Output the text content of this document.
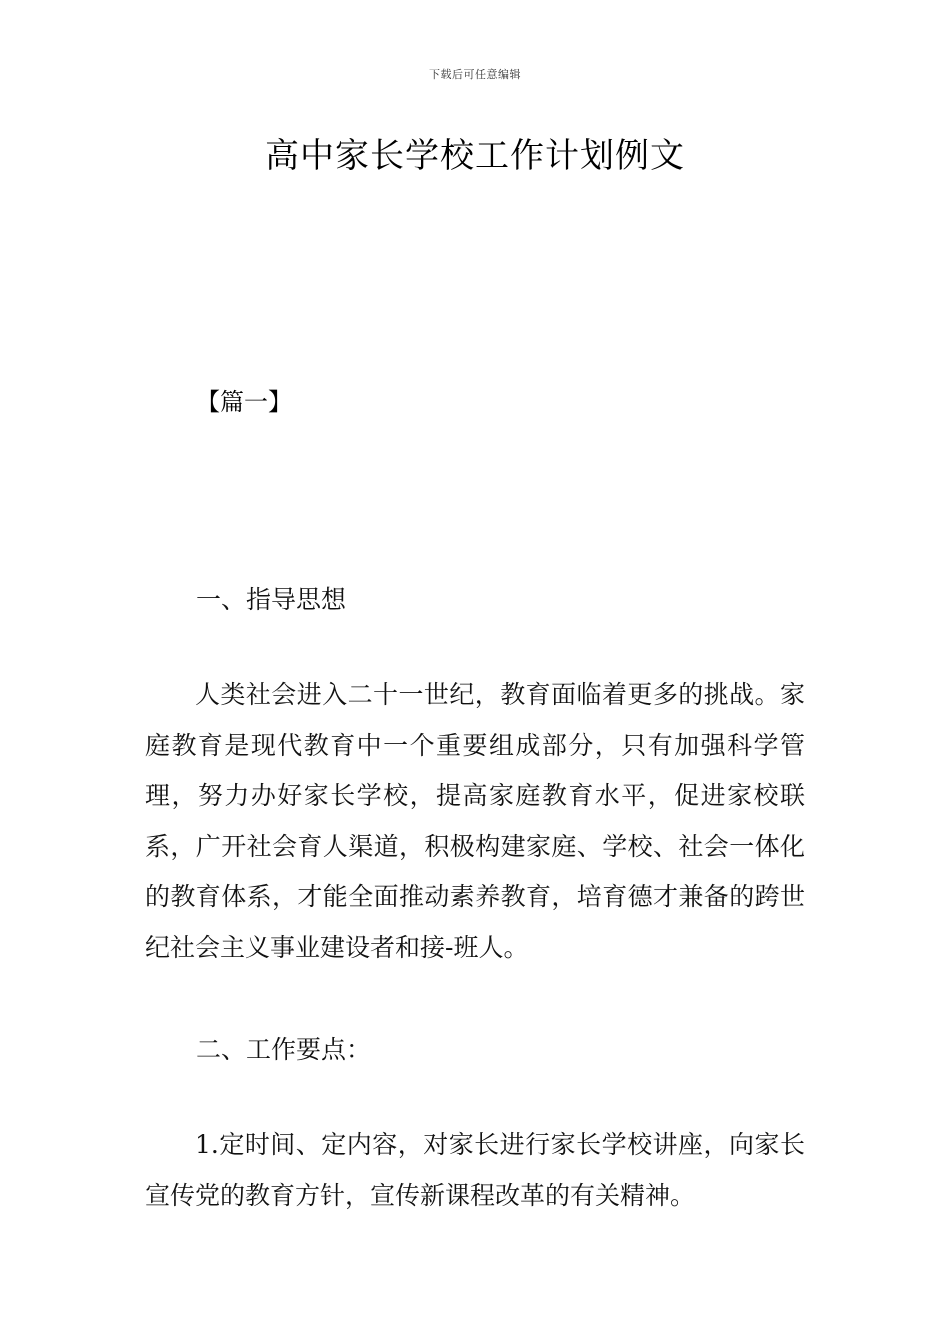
下载后可任意编辑
高中家长学校工作计划例文
【篇一】
一、指导思想

人类社会进入二十一世纪，教育面临着更多的挑战。家庭教育是现代教育中一个重要组成部分，只有加强科学管理，努力办好家长学校，提高家庭教育水平，促进家校联系，广开社会育人渠道，积极构建家庭、学校、社会一体化的教育体系，才能全面推动素养教育，培育德才兼备的跨世纪社会主义事业建设者和接-班人。

二、工作要点：

1.定时间、定内容，对家长进行家长学校讲座，向家长宣传党的教育方针，宣传新课程改革的有关精神。
